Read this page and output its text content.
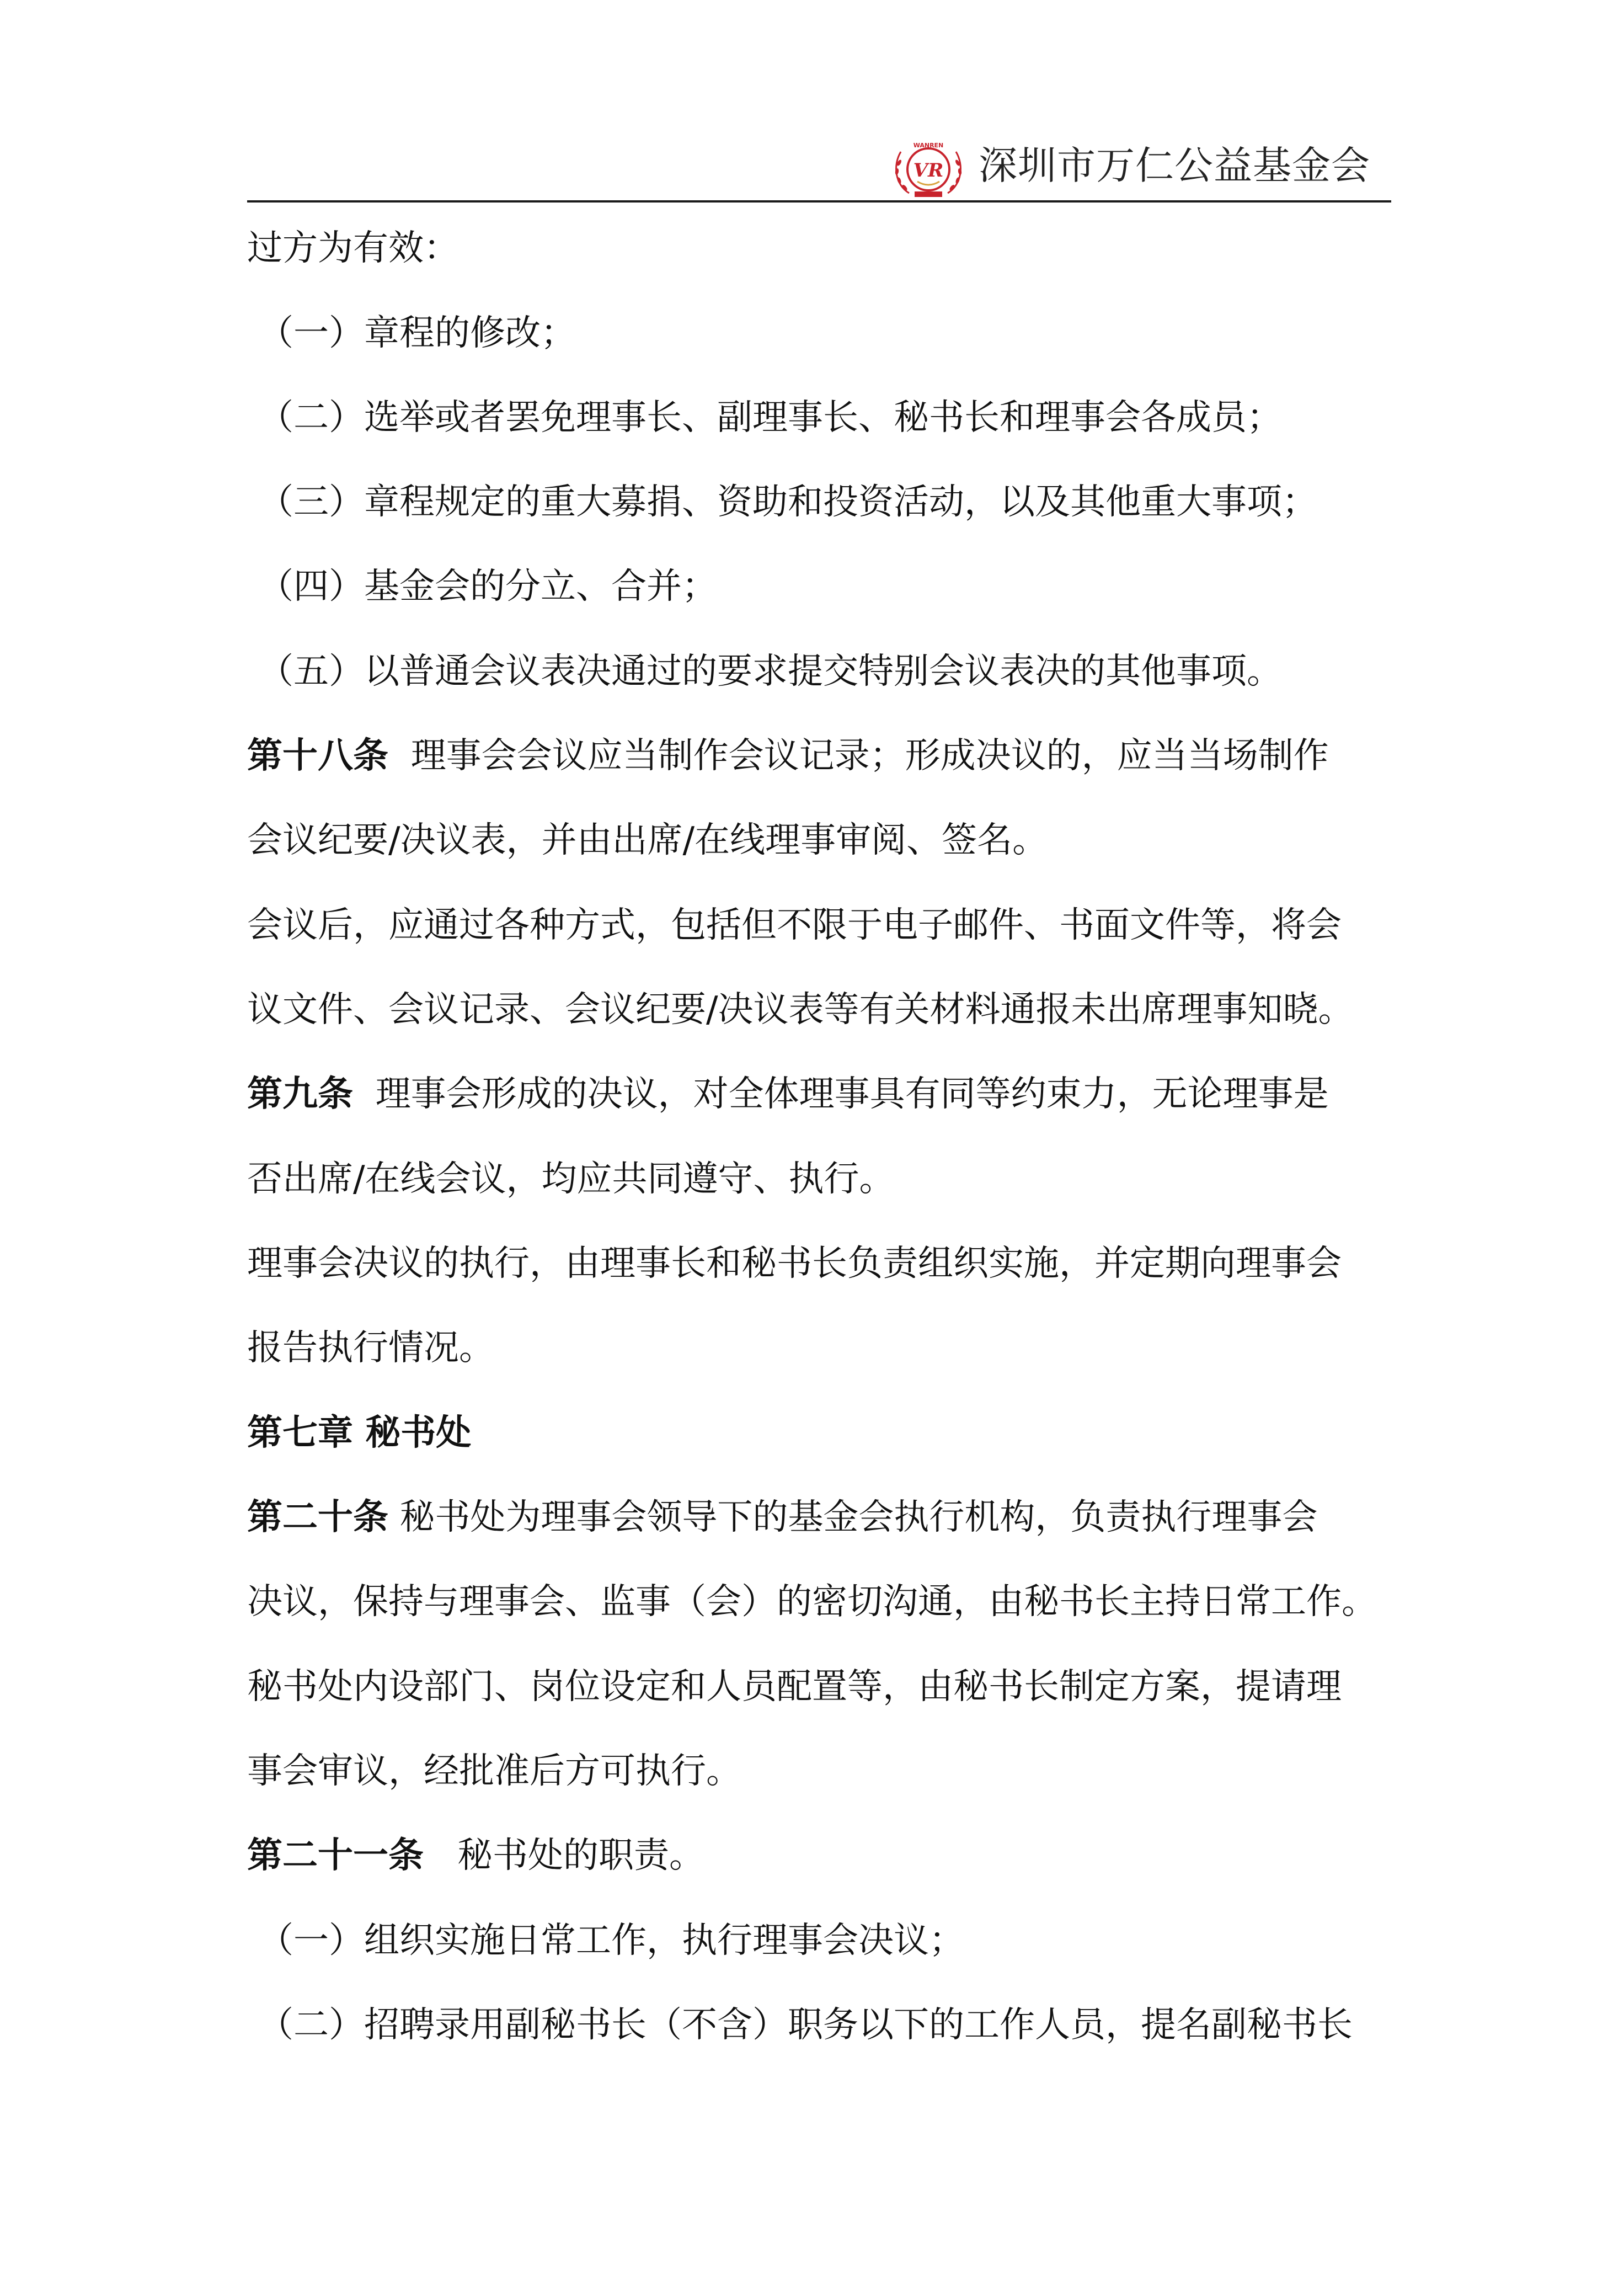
WANREN
VR 深圳市万仁公益基金会
过方为有效：
（一）章程的修改；
（二）选举或者罢免理事长、副理事长、秘书长和理事会各成员；
（三）章程规定的重大募捐、资助和投资活动，以及其他重大事项；
（四）基金会的分立、合并；
（五）以普通会议表决通过的要求提交特别会议表决的其他事项。
第十八条  理事会会议应当制作会议记录；形成决议的，应当当场制作
会议纪要/决议表，并由出席/在线理事审阅、签名。
会议后，应通过各种方式，包括但不限于电子邮件、书面文件等，将会
议文件、会议记录、会议纪要/决议表等有关材料通报未出席理事知晓。
第九条  理事会形成的决议，对全体理事具有同等约束力，无论理事是
否出席/在线会议，均应共同遵守、执行。
理事会决议的执行，由理事长和秘书长负责组织实施，并定期向理事会
报告执行情况。
第七章 秘书处
第二十条 秘书处为理事会领导下的基金会执行机构，负责执行理事会
决议，保持与理事会、监事（会）的密切沟通，由秘书长主持日常工作。
秘书处内设部门、岗位设定和人员配置等，由秘书长制定方案，提请理
事会审议，经批准后方可执行。
第二十一条   秘书处的职责。
（一）组织实施日常工作，执行理事会决议；
（二）招聘录用副秘书长（不含）职务以下的工作人员，提名副秘书长
